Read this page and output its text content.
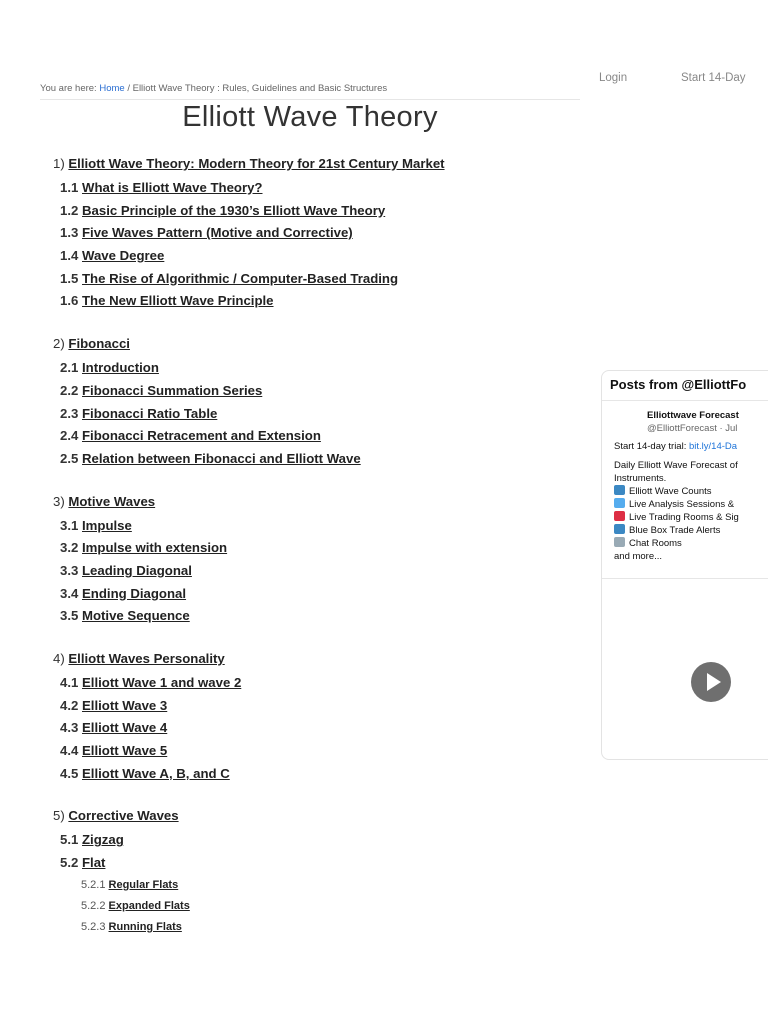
Login	Start 14-Day
You are here: Home / Elliott Wave Theory : Rules, Guidelines and Basic Structures
Elliott Wave Theory
1) Elliott Wave Theory: Modern Theory for 21st Century Market
1.1 What is Elliott Wave Theory?
1.2 Basic Principle of the 1930’s Elliott Wave Theory
1.3 Five Waves Pattern (Motive and Corrective)
1.4 Wave Degree
1.5 The Rise of Algorithmic / Computer-Based Trading
1.6 The New Elliott Wave Principle
2) Fibonacci
2.1 Introduction
2.2 Fibonacci Summation Series
2.3 Fibonacci Ratio Table
2.4 Fibonacci Retracement and Extension
2.5 Relation between Fibonacci and Elliott Wave
3) Motive Waves
3.1 Impulse
3.2 Impulse with extension
3.3 Leading Diagonal
3.4 Ending Diagonal
3.5 Motive Sequence
4) Elliott Waves Personality
4.1 Elliott Wave 1 and wave 2
4.2 Elliott Wave 3
4.3 Elliott Wave 4
4.4 Elliott Wave 5
4.5 Elliott Wave A, B, and C
5) Corrective Waves
5.1 Zigzag
5.2 Flat
5.2.1 Regular Flats
5.2.2 Expanded Flats
5.2.3 Running Flats
Posts from @ElliottFo
Elliottwave Forecast
@ElliottForecast · Jul
Start 14-day trial: bit.ly/14-Da
Daily Elliott Wave Forecast of
Instruments.
Elliott Wave Counts
Live Analysis Sessions &
Live Trading Rooms & Sig
Blue Box Trade Alerts
Chat Rooms
and more...
